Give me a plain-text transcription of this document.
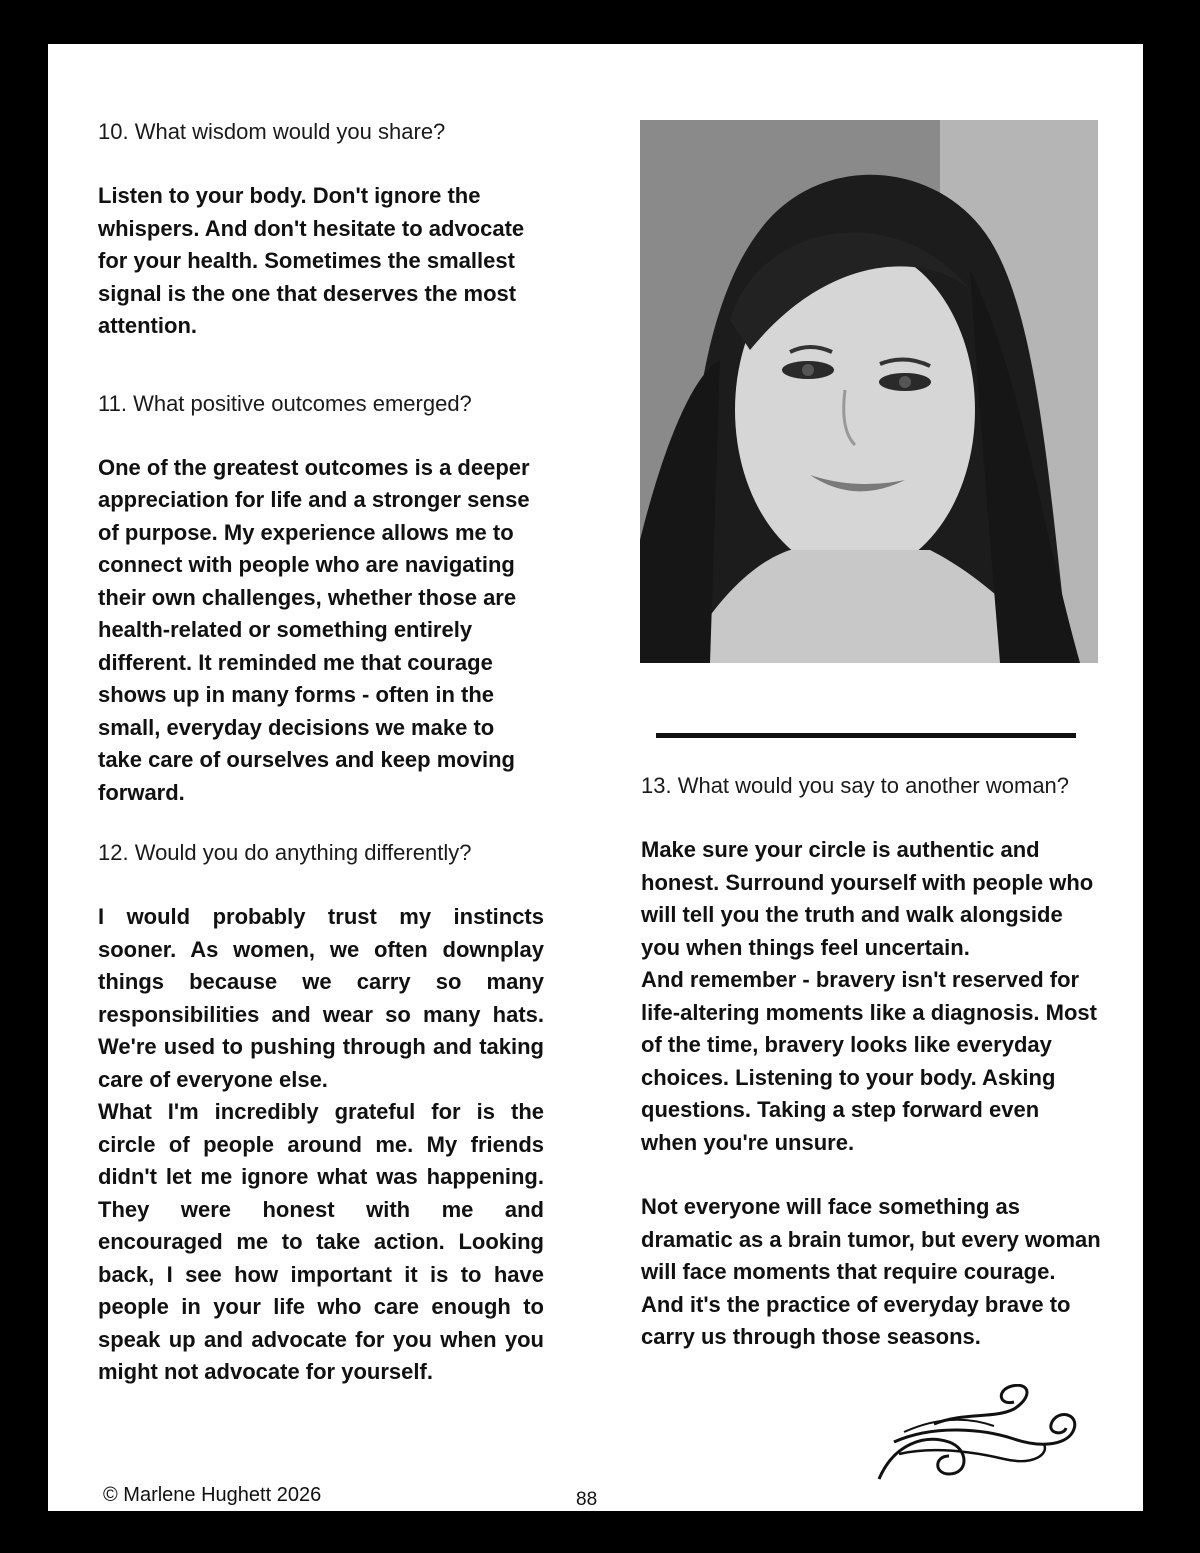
10. What wisdom would you share?

Listen to your body. Don't ignore the whispers. And don't hesitate to advocate for your health. Sometimes the smallest signal is the one that deserves the most attention.

11. What positive outcomes emerged?

One of the greatest outcomes is a deeper appreciation for life and a stronger sense of purpose. My experience allows me to connect with people who are navigating their own challenges, whether those are health-related or something entirely different. It reminded me that courage shows up in many forms - often in the small, everyday decisions we make to take care of ourselves and keep moving forward.

12. Would you do anything differently?

I would probably trust my instincts sooner. As women, we often downplay things because we carry so many responsibilities and wear so many hats. We're used to pushing through and taking care of everyone else.

What I'm incredibly grateful for is the circle of people around me. My friends didn't let me ignore what was happening. They were honest with me and encouraged me to take action. Looking back, I see how important it is to have people in your life who care enough to speak up and advocate for you when you might not advocate for yourself.

13. What would you say to another woman?

Make sure your circle is authentic and honest. Surround yourself with people who will tell you the truth and walk alongside you when things feel uncertain.

And remember - bravery isn't reserved for life-altering moments like a diagnosis. Most of the time, bravery looks like everyday choices. Listening to your body. Asking questions. Taking a step forward even when you're unsure.

Not everyone will face something as dramatic as a brain tumor, but every woman will face moments that require courage. And it's the practice of everyday brave to carry us through those seasons.

© Marlene Hughett 2026	88
